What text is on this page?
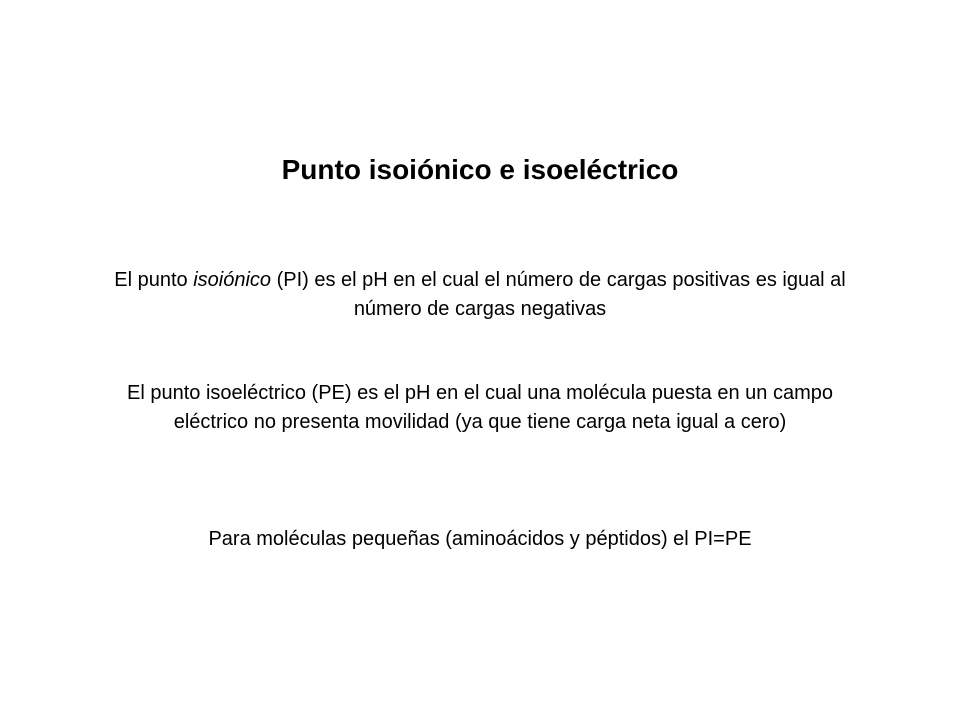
Punto isoiónico e isoeléctrico

El punto isoiónico (PI) es el pH en el cual el número de cargas positivas es igual al número de cargas negativas

El punto isoeléctrico (PE) es el pH en el cual una molécula puesta en un campo eléctrico no presenta movilidad (ya que tiene carga neta igual a cero)

Para moléculas pequeñas (aminoácidos y péptidos) el PI=PE
